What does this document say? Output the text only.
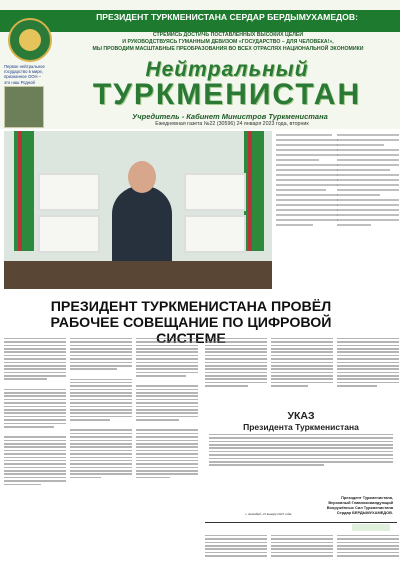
ПРЕЗИДЕНТ ТУРКМЕНИСТАНА СЕРДАР БЕРДЫМУХАМЕДОВ:
СТРЕМИСЬ ДОСТИЧЬ ПОСТАВЛЕННЫХ ВЫСОКИХ ЦЕЛЕЙ
И РУКОВОДСТВУЯСЬ ГУМАННЫМ ДЕВИЗОМ «ГОСУДАРСТВО – ДЛЯ ЧЕЛОВЕКА!»,
МЫ ПРОВОДИМ МАСШТАБНЫЕ ПРЕОБРАЗОВАНИЯ ВО ВСЕХ ОТРАСЛЯХ НАЦИОНАЛЬНОЙ ЭКОНОМИКИ
Первое нейтральное государство в мире, признанное ООН – это наш Родной
Нейтральный
ТУРКМЕНИСТАН
Учредитель - Кабинет Министров Туркменистана
Ежедневная газета №22 (30596) 24 января 2023 года, вторник
ПРЕЗИДЕНТ ТУРКМЕНИСТАНА ПРОВЁЛ РАБОЧЕЕ СОВЕЩАНИЕ ПО ЦИФРОВОЙ
УКАЗ
Президента Туркменистана
Президент Туркменистана,
Верховный Главнокомандующий
Вооружённых Сил Туркменистана
Сердар БЕРДЫМУХАМЕДОВ.
г. Ашхабад, 23 января 2023 года.
